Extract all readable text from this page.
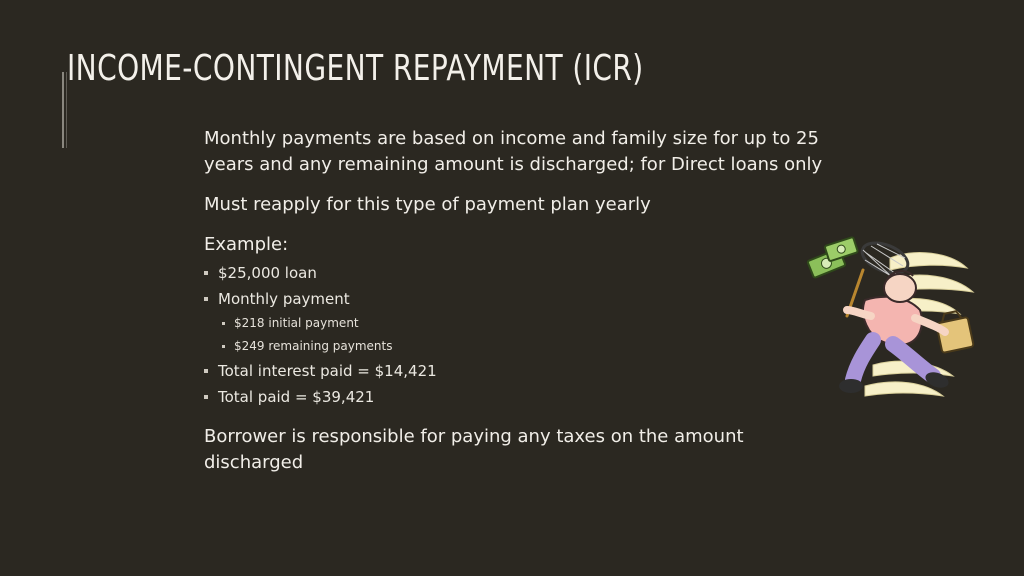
INCOME-CONTINGENT REPAYMENT (ICR)

Monthly payments are based on income and family size for up to 25 years and any remaining amount is discharged; for Direct loans only

Must reapply for this type of payment plan yearly

Example:

$25,000 loan
Monthly payment
$218 initial payment
$249 remaining payments
Total interest paid = $14,421
Total paid = $39,421

Borrower is responsible for paying any taxes on the amount discharged
